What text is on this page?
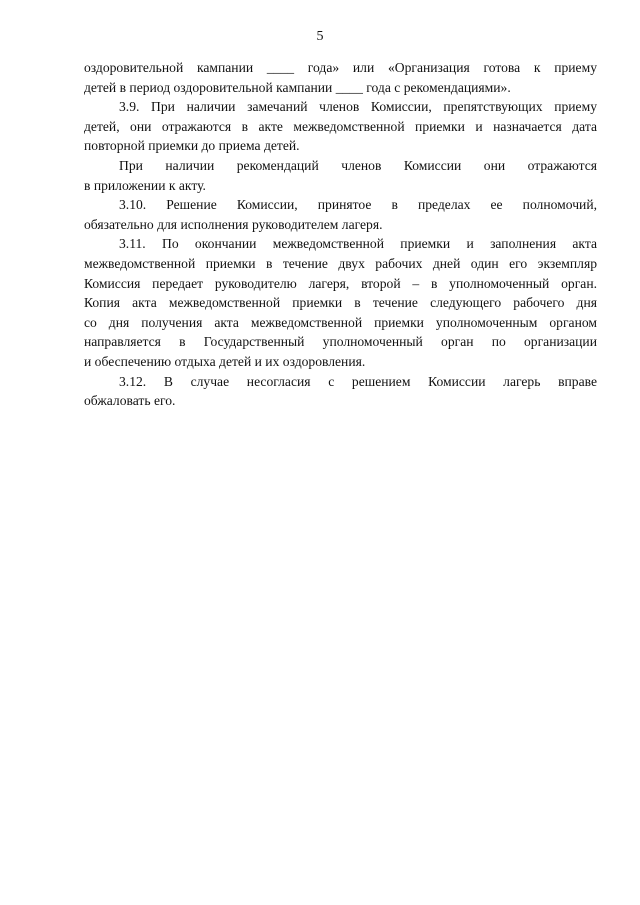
5
оздоровительной кампании ____ года» или «Организация готова к приему
детей в период оздоровительной кампании ____ года с рекомендациями».
3.9. При наличии замечаний членов Комиссии, препятствующих приему
детей, они отражаются в акте межведомственной приемки и назначается дата
повторной приемки до приема детей.
При наличии рекомендаций членов Комиссии они отражаются
в приложении к акту.
3.10. Решение Комиссии, принятое в пределах ее полномочий,
обязательно для исполнения руководителем лагеря.
3.11. По окончании межведомственной приемки и заполнения акта
межведомственной приемки в течение двух рабочих дней один его экземпляр
Комиссия передает руководителю лагеря, второй – в уполномоченный орган.
Копия акта межведомственной приемки в течение следующего рабочего дня
со дня получения акта межведомственной приемки уполномоченным органом
направляется в Государственный уполномоченный орган по организации
и обеспечению отдыха детей и их оздоровления.
3.12. В случае несогласия с решением Комиссии лагерь вправе
обжаловать его.
